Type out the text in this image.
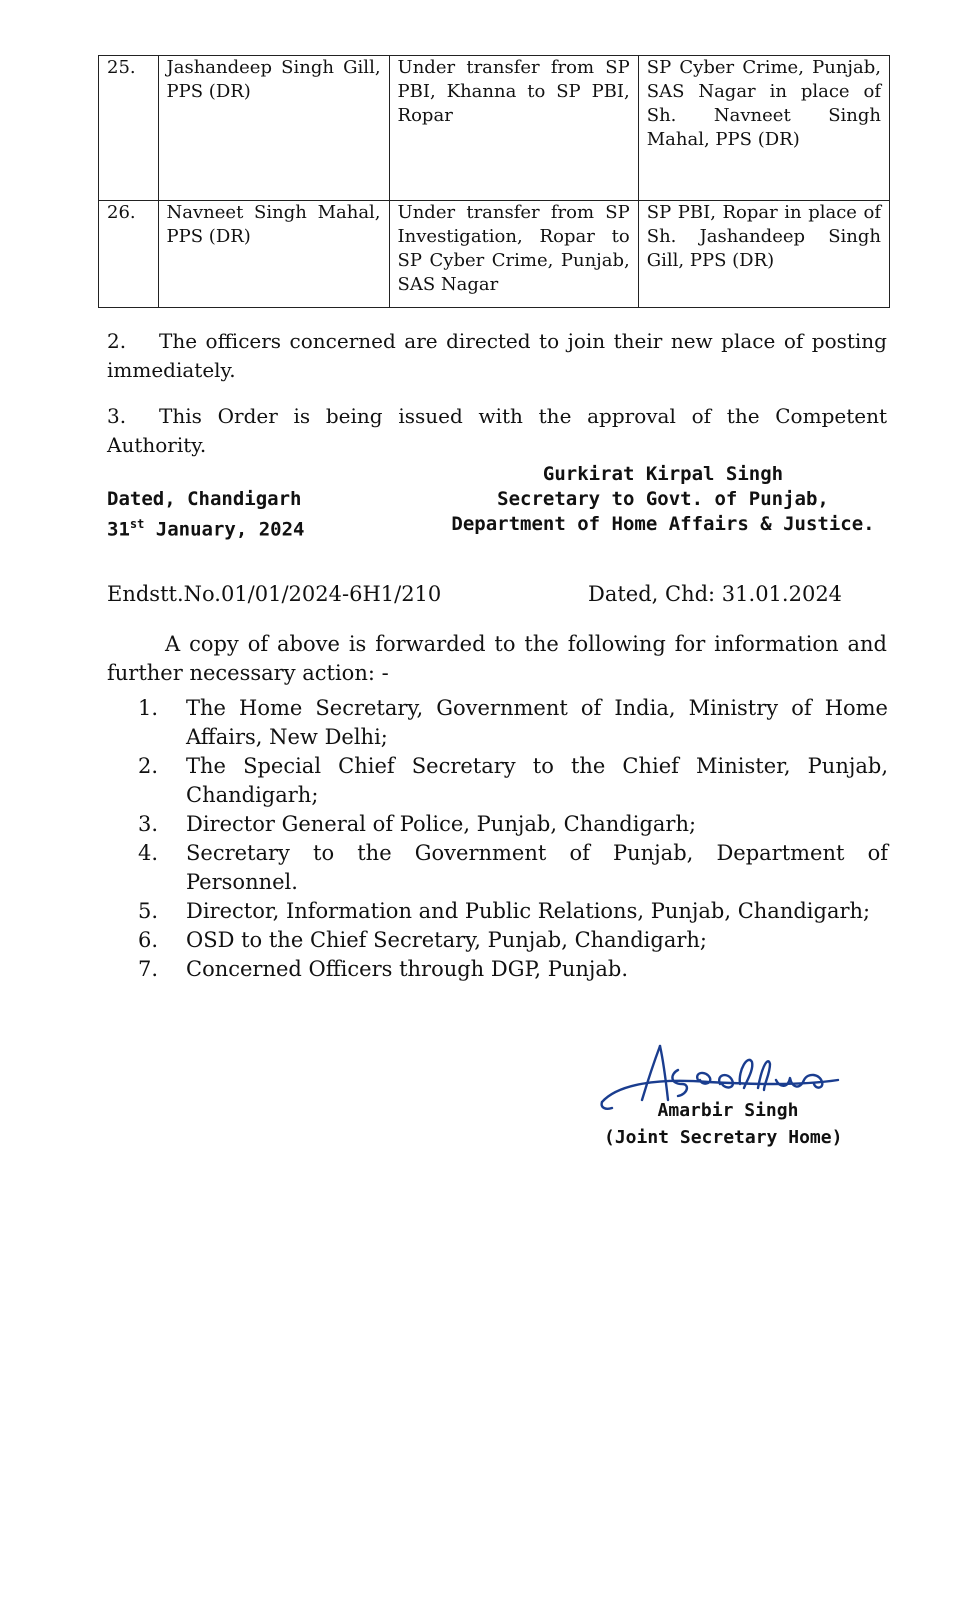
25.	Jashandeep Singh Gill, PPS (DR)	Under transfer from SP PBI, Khanna to SP PBI, Ropar	SP Cyber Crime, Punjab, SAS Nagar in place of Sh. Navneet Singh Mahal, PPS (DR)
26.	Navneet Singh Mahal, PPS (DR)	Under transfer from SP Investigation, Ropar to SP Cyber Crime, Punjab, SAS Nagar	SP PBI, Ropar in place of Sh. Jashandeep Singh Gill, PPS (DR)
2. The officers concerned are directed to join their new place of posting immediately.
3. This Order is being issued with the approval of the Competent Authority.
Dated, Chandigarh
31st January, 2024
Gurkirat Kirpal Singh
Secretary to Govt. of Punjab,
Department of Home Affairs & Justice.
Endstt.No.01/01/2024-6H1/210	Dated, Chd: 31.01.2024
A copy of above is forwarded to the following for information and further necessary action: -
1. The Home Secretary, Government of India, Ministry of Home Affairs, New Delhi;
2. The Special Chief Secretary to the Chief Minister, Punjab, Chandigarh;
3. Director General of Police, Punjab, Chandigarh;
4. Secretary to the Government of Punjab, Department of Personnel.
5. Director, Information and Public Relations, Punjab, Chandigarh;
6. OSD to the Chief Secretary, Punjab, Chandigarh;
7. Concerned Officers through DGP, Punjab.
Amarbir Singh
(Joint Secretary Home)
